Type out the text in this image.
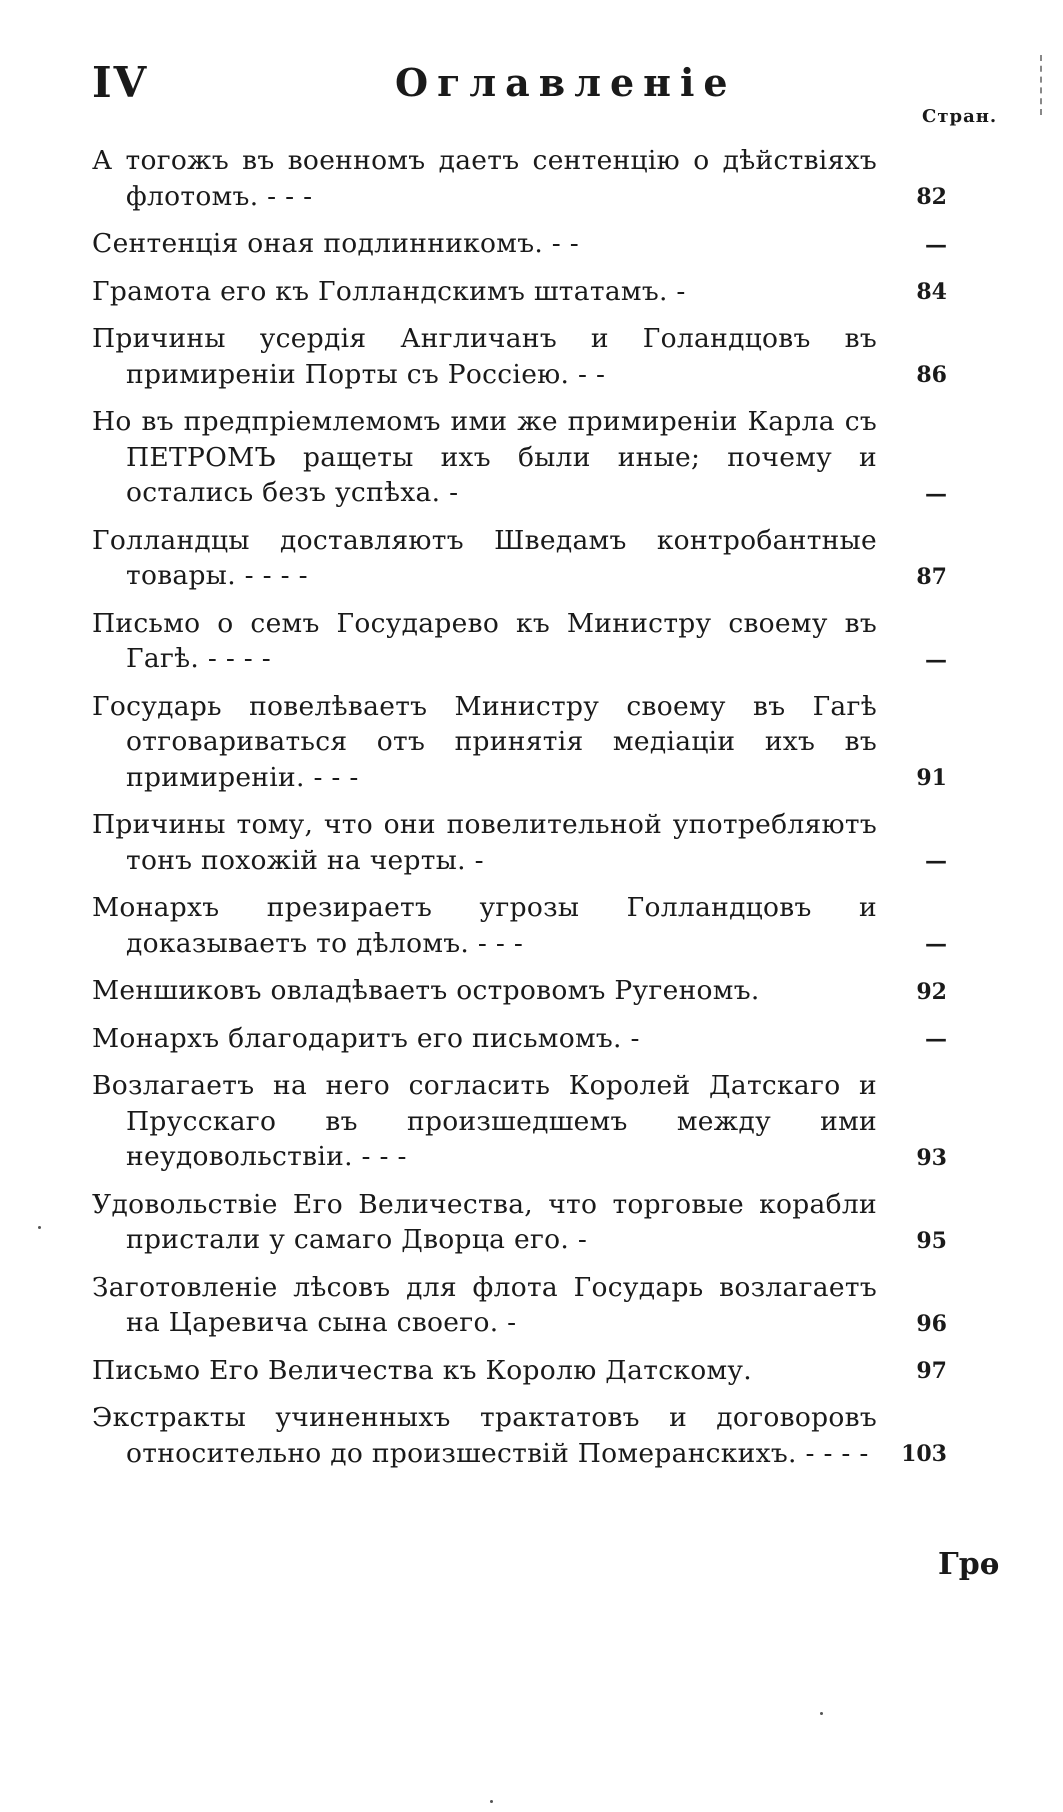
IV	Оглавленіе
Стран.
А тогожъ въ военномъ даетъ сентенцію о дѣйствіяхъ флотомъ. - - -	82
Сентенція оная подлинникомъ. - -	—
Грамота его къ Голландскимъ штатамъ. -	84
Причины усердія Англичанъ и Голандцовъ въ примиреніи Порты съ Россіею. - -	86
Но въ предпріемлемомъ ими же примиреніи Карла съ ПЕТРОМЪ ращеты ихъ были иные; почему и остались безъ успѣха. -	—
Голландцы доставляютъ Шведамъ контробантные товары. - - - -	87
Письмо о семъ Государево къ Министру своему въ Гагѣ. - - - -	—
Государь повелѣваетъ Министру своему въ Гагѣ отговариваться отъ принятія медіаціи ихъ въ примиреніи. - - -	91
Причины тому, что они повелительной употребляютъ тонъ похожій на черты. -	—
Монархъ презираетъ угрозы Голландцовъ и доказываетъ то дѣломъ. - - -	—
Меншиковъ овладѣваетъ островомъ Ругеномъ.	92
Монархъ благодаритъ его письмомъ. -	—
Возлагаетъ на него согласить Королей Датскаго и Прусскаго въ произшедшемъ между ими неудовольствіи. - - -	93
Удовольствіе Его Величества, что торговые корабли пристали у самаго Дворца его. -	95
Заготовленіе лѣсовъ для флота Государь возлагаетъ на Царевича сына своего. -	96
Письмо Его Величества къ Королю Датскому.	97
Экстракты учиненныхъ трактатовъ и договоровъ относительно до произшествій Померанскихъ. - - - -	103
Грѳ
